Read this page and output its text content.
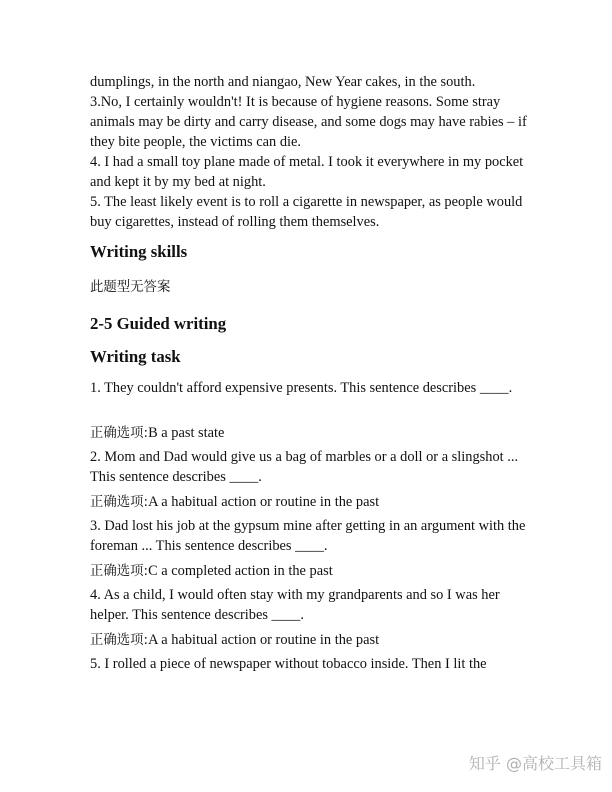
dumplings, in the north and niangao, New Year cakes, in the south.

3.No, I certainly wouldn't! It is because of hygiene reasons. Some stray animals may be dirty and carry disease, and some dogs may have rabies – if they bite people, the victims can die.

4. I had a small toy plane made of metal. I took it everywhere in my pocket and kept it by my bed at night.

5. The least likely event is to roll a cigarette in newspaper, as people would buy cigarettes, instead of rolling them themselves.

Writing skills

此题型无答案

2-5 Guided writing
Writing task

1. They couldn't afford expensive presents. This sentence describes ____.

正确选项:B a past state

2. Mom and Dad would give us a bag of marbles or a doll or a slingshot ... This sentence describes ____.

正确选项:A a habitual action or routine in the past

3. Dad lost his job at the gypsum mine after getting in an argument with the foreman ... This sentence describes ____.

正确选项:C a completed action in the past

4. As a child, I would often stay with my grandparents and so I was her helper. This sentence describes ____.

正确选项:A a habitual action or routine in the past

5. I rolled a piece of newspaper without tobacco inside. Then I lit the

知乎 @高校工具箱
